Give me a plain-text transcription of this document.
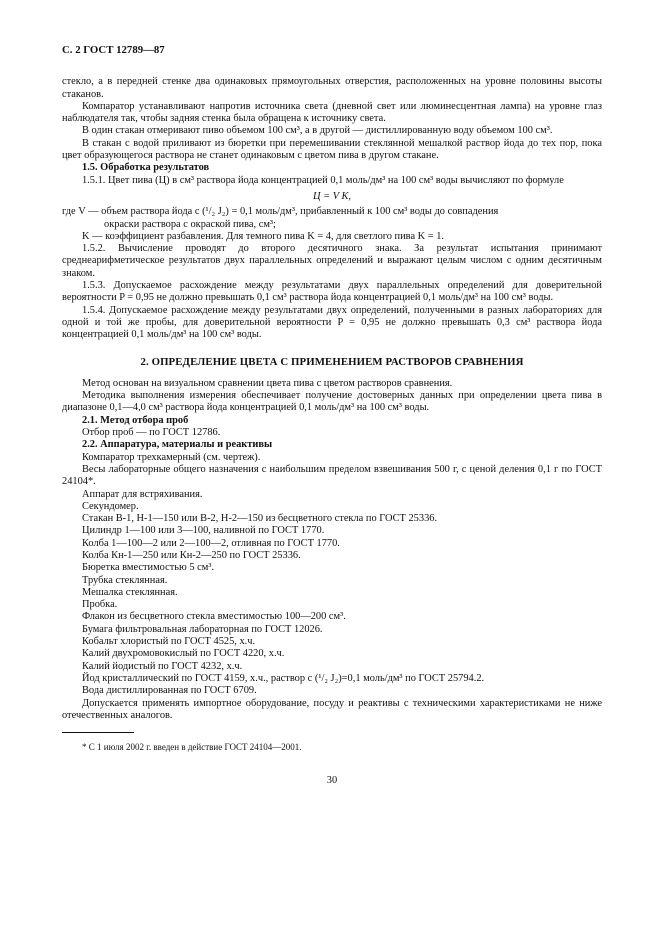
С. 2 ГОСТ 12789—87

стекло, а в передней стенке два одинаковых прямоугольных отверстия, расположенных на уровне половины высоты стаканов.

Компаратор устанавливают напротив источника света (дневной свет или люминесцентная лампа) на уровне глаз наблюдателя так, чтобы задняя стенка была обращена к источнику света.

В один стакан отмеривают пиво объемом 100 см³, а в другой — дистиллированную воду объемом 100 см³.

В стакан с водой приливают из бюретки при перемешивании стеклянной мешалкой раствор йода до тех пор, пока цвет образующегося раствора не станет одинаковым с цветом пива в другом стакане.

1.5. Обработка результатов

1.5.1. Цвет пива (Ц) в см³ раствора йода концентрацией 0,1 моль/дм³ на 100 см³ воды вычисляют по формуле

Ц = V K,

где V — объем раствора йода c (¹/₂ J₂) = 0,1 моль/дм³, прибавленный к 100 см³ воды до совпадения

окраски раствора с окраской пива, см³;

K — коэффициент разбавления. Для темного пива K = 4, для светлого пива K = 1.

1.5.2. Вычисление проводят до второго десятичного знака. За результат испытания принимают среднеарифметическое результатов двух параллельных определений и выражают целым числом с одним десятичным знаком.

1.5.3. Допускаемое расхождение между результатами двух параллельных определений для доверительной вероятности P = 0,95 не должно превышать 0,1 см³ раствора йода концентрацией 0,1 моль/дм³ на 100 см³ воды.

1.5.4. Допускаемое расхождение между результатами двух определений, полученными в разных лабораториях для одной и той же пробы, для доверительной вероятности P = 0,95 не должно превышать 0,3 см³ раствора йода концентрацией 0,1 моль/дм³ на 100 см³ воды.

2. ОПРЕДЕЛЕНИЕ ЦВЕТА С ПРИМЕНЕНИЕМ РАСТВОРОВ СРАВНЕНИЯ

Метод основан на визуальном сравнении цвета пива с цветом растворов сравнения.

Методика выполнения измерения обеспечивает получение достоверных данных при определении цвета пива в диапазоне 0,1—4,0 см³ раствора йода концентрацией 0,1 моль/дм³ на 100 см³ воды.

2.1. Метод отбора проб

Отбор проб — по ГОСТ 12786.

2.2. Аппаратура, материалы и реактивы

Компаратор трехкамерный (см. чертеж).

Весы лабораторные общего назначения с наибольшим пределом взвешивания 500 г, с ценой деления 0,1 г по ГОСТ 24104*.

Аппарат для встряхивания.

Секундомер.

Стакан В-1, Н-1—150 или В-2, Н-2—150 из бесцветного стекла по ГОСТ 25336.

Цилиндр 1—100 или 3—100, наливной по ГОСТ 1770.

Колба 1—100—2 или 2—100—2, отливная по ГОСТ 1770.

Колба Кн-1—250 или Кн-2—250 по ГОСТ 25336.

Бюретка вместимостью 5 см³.

Трубка стеклянная.

Мешалка стеклянная.

Пробка.

Флакон из бесцветного стекла вместимостью 100—200 см³.

Бумага фильтровальная лабораторная по ГОСТ 12026.

Кобальт хлористый по ГОСТ 4525, х.ч.

Калий двухромовокислый по ГОСТ 4220, х.ч.

Калий йодистый по ГОСТ 4232, х.ч.

Йод кристаллический по ГОСТ 4159, х.ч., раствор c (¹/₂ J₂)=0,1 моль/дм³ по ГОСТ 25794.2.

Вода дистиллированная по ГОСТ 6709.

Допускается применять импортное оборудование, посуду и реактивы с техническими характеристиками не ниже отечественных аналогов.

* С 1 июля 2002 г. введен в действие ГОСТ 24104—2001.

30
